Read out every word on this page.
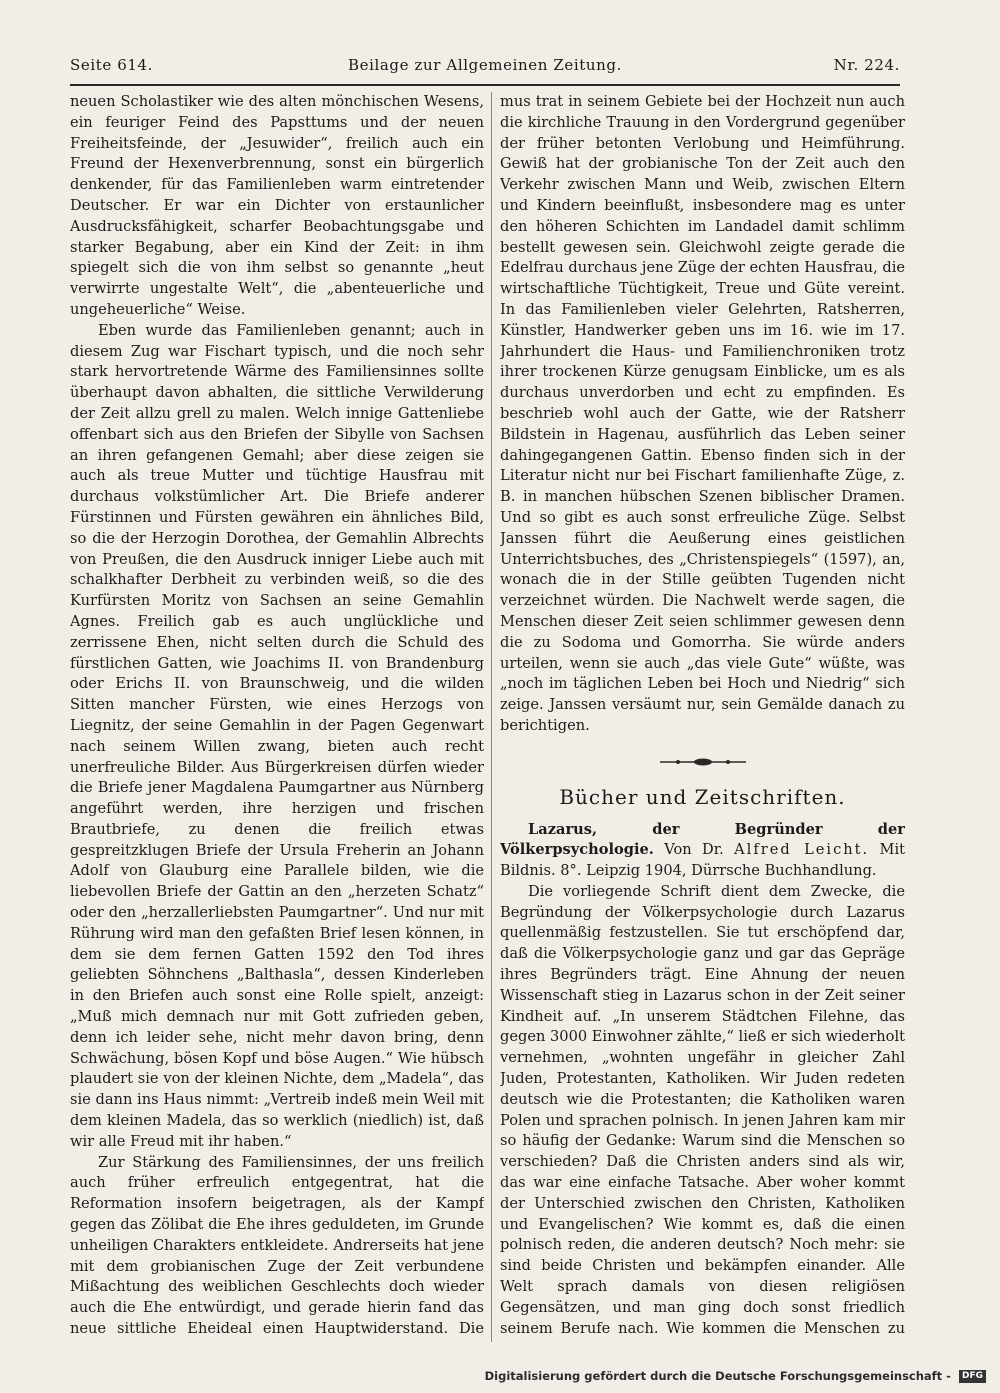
Seite 614.	Beilage zur Allgemeinen Zeitung.	Nr. 224.

neuen Scholastiker wie des alten mönchischen Wesens, ein feuriger Feind des Papsttums und der neuen Freiheitsfeinde, der „Jesuwider“, freilich auch ein Freund der Hexenverbrennung, sonst ein bürgerlich denkender, für das Familienleben warm eintretender Deutscher. Er war ein Dichter von erstaunlicher Ausdrucksfähigkeit, scharfer Beobachtungsgabe und starker Begabung, aber ein Kind der Zeit: in ihm spiegelt sich die von ihm selbst so genannte „heut verwirrte ungestalte Welt“, die „abenteuerliche und ungeheuerliche“ Weise.

Eben wurde das Familienleben genannt; auch in diesem Zug war Fischart typisch, und die noch sehr stark hervortretende Wärme des Familiensinnes sollte überhaupt davon abhalten, die sittliche Verwilderung der Zeit allzu grell zu malen. Welch innige Gattenliebe offenbart sich aus den Briefen der Sibylle von Sachsen an ihren gefangenen Gemahl; aber diese zeigen sie auch als treue Mutter und tüchtige Hausfrau mit durchaus volkstümlicher Art. Die Briefe anderer Fürstinnen und Fürsten gewähren ein ähnliches Bild, so die der Herzogin Dorothea, der Gemahlin Albrechts von Preußen, die den Ausdruck inniger Liebe auch mit schalkhafter Derbheit zu verbinden weiß, so die des Kurfürsten Moritz von Sachsen an seine Gemahlin Agnes. Freilich gab es auch unglückliche und zerrissene Ehen, nicht selten durch die Schuld des fürstlichen Gatten, wie Joachims II. von Brandenburg oder Erichs II. von Braunschweig, und die wilden Sitten mancher Fürsten, wie eines Herzogs von Liegnitz, der seine Gemahlin in der Pagen Gegenwart nach seinem Willen zwang, bieten auch recht unerfreuliche Bilder. Aus Bürgerkreisen dürfen wieder die Briefe jener Magdalena Paumgartner aus Nürnberg angeführt werden, ihre herzigen und frischen Brautbriefe, zu denen die freilich etwas gespreitzklugen Briefe der Ursula Freherin an Johann Adolf von Glauburg eine Parallele bilden, wie die liebevollen Briefe der Gattin an den „herzeten Schatz“ oder den „herzallerliebsten Paumgartner“. Und nur mit Rührung wird man den gefaßten Brief lesen können, in dem sie dem fernen Gatten 1592 den Tod ihres geliebten Söhnchens „Balthasla“, dessen Kinderleben in den Briefen auch sonst eine Rolle spielt, anzeigt: „Muß mich demnach nur mit Gott zufrieden geben, denn ich leider sehe, nicht mehr davon bring, denn Schwächung, bösen Kopf und böse Augen.“ Wie hübsch plaudert sie von der kleinen Nichte, dem „Madela“, das sie dann ins Haus nimmt: „Vertreib indeß mein Weil mit dem kleinen Madela, das so werklich (niedlich) ist, daß wir alle Freud mit ihr haben.“

Zur Stärkung des Familiensinnes, der uns freilich auch früher erfreulich entgegentrat, hat die Reformation insofern beigetragen, als der Kampf gegen das Zölibat die Ehe ihres geduldeten, im Grunde unheiligen Charakters entkleidete. Andrerseits hat jene mit dem grobianischen Zuge der Zeit verbundene Mißachtung des weiblichen Geschlechts doch wieder auch die Ehe entwürdigt, und gerade hierin fand das neue sittliche Eheideal einen Hauptwiderstand. Die

mus trat in seinem Gebiete bei der Hochzeit nun auch die kirchliche Trauung in den Vordergrund gegenüber der früher betonten Verlobung und Heimführung. Gewiß hat der grobianische Ton der Zeit auch den Verkehr zwischen Mann und Weib, zwischen Eltern und Kindern beeinflußt, insbesondere mag es unter den höheren Schichten im Landadel damit schlimm bestellt gewesen sein. Gleichwohl zeigte gerade die Edelfrau durchaus jene Züge der echten Hausfrau, die wirtschaftliche Tüchtigkeit, Treue und Güte vereint. In das Familienleben vieler Gelehrten, Ratsherren, Künstler, Handwerker geben uns im 16. wie im 17. Jahrhundert die Haus- und Familienchroniken trotz ihrer trockenen Kürze genugsam Einblicke, um es als durchaus unverdorben und echt zu empfinden. Es beschrieb wohl auch der Gatte, wie der Ratsherr Bildstein in Hagenau, ausführlich das Leben seiner dahingegangenen Gattin. Ebenso finden sich in der Literatur nicht nur bei Fischart familienhafte Züge, z. B. in manchen hübschen Szenen biblischer Dramen. Und so gibt es auch sonst erfreuliche Züge. Selbst Janssen führt die Aeußerung eines geistlichen Unterrichtsbuches, des „Christenspiegels“ (1597), an, wonach die in der Stille geübten Tugenden nicht verzeichnet würden. Die Nachwelt werde sagen, die Menschen dieser Zeit seien schlimmer gewesen denn die zu Sodoma und Gomorrha. Sie würde anders urteilen, wenn sie auch „das viele Gute“ wüßte, was „noch im täglichen Leben bei Hoch und Niedrig“ sich zeige. Janssen versäumt nur, sein Gemälde danach zu berichtigen.

Bücher und Zeitschriften.

Lazarus, der Begründer der Völkerpsychologie. Von Dr. Alfred Leicht. Mit Bildnis. 8°. Leipzig 1904, Dürrsche Buchhandlung.

Die vorliegende Schrift dient dem Zwecke, die Begründung der Völkerpsychologie durch Lazarus quellenmäßig festzustellen. Sie tut erschöpfend dar, daß die Völkerpsychologie ganz und gar das Gepräge ihres Begründers trägt. Eine Ahnung der neuen Wissenschaft stieg in Lazarus schon in der Zeit seiner Kindheit auf. „In unserem Städtchen Filehne, das gegen 3000 Einwohner zählte,“ ließ er sich wiederholt vernehmen, „wohnten ungefähr in gleicher Zahl Juden, Protestanten, Katholiken. Wir Juden redeten deutsch wie die Protestanten; die Katholiken waren Polen und sprachen polnisch. In jenen Jahren kam mir so häufig der Gedanke: Warum sind die Menschen so verschieden? Daß die Christen anders sind als wir, das war eine einfache Tatsache. Aber woher kommt der Unterschied zwischen den Christen, Katholiken und Evangelischen? Wie kommt es, daß die einen polnisch reden, die anderen deutsch? Noch mehr: sie sind beide Christen und bekämpfen einander. Alle Welt sprach damals von diesen religiösen Gegensätzen, und man ging doch sonst friedlich seinem Berufe nach. Wie kommen die Menschen zu

Digitalisierung gefördert durch die Deutsche Forschungsgemeinschaft - DFG
